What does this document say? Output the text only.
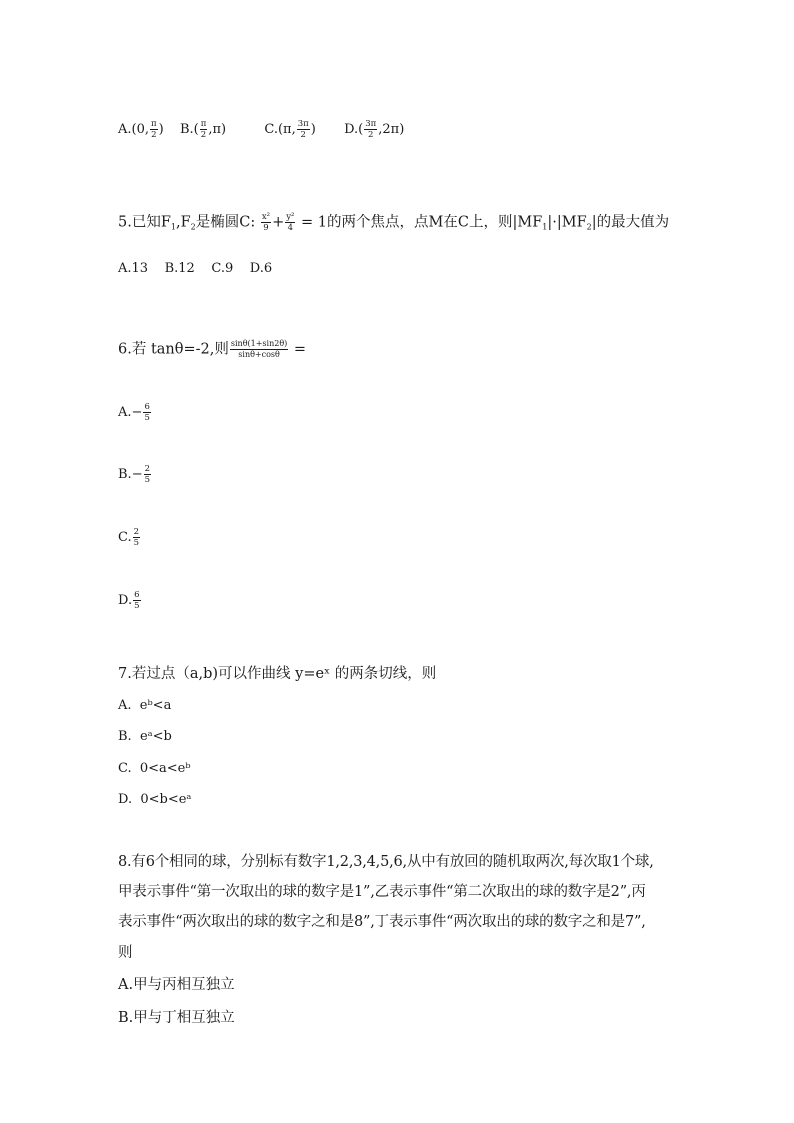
A.(0, $\frac{\pi}{2}$ ) $B.( \frac{\pi}{2} ,\pi)$	C.(π, $\frac{3\pi}{2}$ ) $D.( \frac{3\pi}{2} ,2\pi)$
5.已知$F_1,F_2$是椭圆C: $\frac{\text{x²}}{9} + \frac{\text{y²}}{4} = 1$的两个焦点，点M在C上，则$|MF_1|\cdot|MF_2|$的最大值为
A.13    B.12    C.9    D.6
6.若 tanθ=-2,则 $\frac{\sin\theta(1+\sin 2\theta)}{\sin\theta+\cos\theta}$ =
$A.- \frac{6}{5}$
$B.- \frac{2}{5}$
C. $\frac{2}{5}$
D. $\frac{6}{5}$
7.若过点（a,b)可以作曲线 y=eˣ 的两条切线，则
A.  eᵇ<a
B.  eᵃ<b
C.  0<a<eᵇ
D.  0<b<eᵃ
8.有6个相同的球，分别标有数字1,2,3,4,5,6,从中有放回的随机取两次,每次取1个球,
甲表示事件“第一次取出的球的数字是1”,乙表示事件“第二次取出的球的数字是2”,丙
表示事件“两次取出的球的数字之和是8”,丁表示事件“两次取出的球的数字之和是7”,
则
A.甲与丙相互独立
B.甲与丁相互独立
